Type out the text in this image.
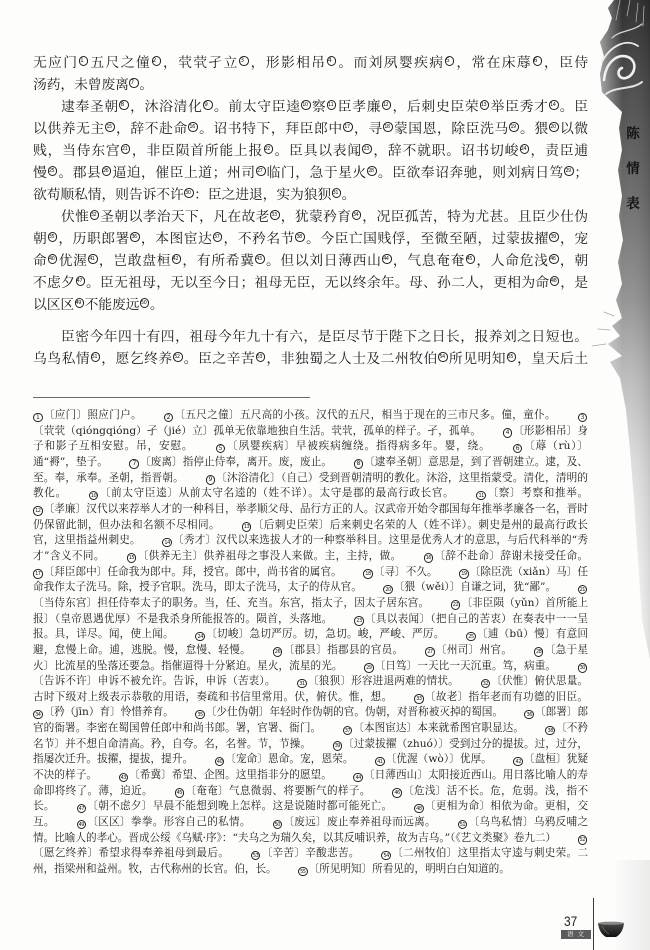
无应门 1 五尺之僮 2 ，茕茕孑立 3 ，形影相吊 4 。而刘夙婴疾病 5 ，常在床蓐 6 ，臣侍
汤药，未曾废离 7 。
逮奉圣朝 8 ，沐浴清化 9 。前太守臣逵 10 察 11 臣孝廉 12 ，后刺史臣荣 13 举臣秀才 14 。臣
以供养无主 15 ，辞不赴命 16 。诏书特下，拜臣郎中 17 ，寻 18 蒙国恩，除臣洗马 19 。猥 20 以微
贱，当侍东宫 21 ，非臣陨首所能上报 22 。臣具以表闻 23 ，辞不就职。诏书切峻 24 ，责臣逋
慢 25 。郡县 26 逼迫，催臣上道；州司 27 临门，急于星火 28 。臣欲奉诏奔驰，则刘病日笃 29 ；
欲苟顺私情，则告诉不许 30 ：臣之进退，实为狼狈 31 。
伏惟 32 圣朝以孝治天下，凡在故老 33 ，犹蒙矜育 34 ，况臣孤苦，特为尤甚。且臣少仕伪
朝 35 ，历职郎署 36 ，本图宦达 37 ，不矜名节 38 。今臣亡国贱俘，至微至陋，过蒙拔擢 39 ，宠
命 40 优渥 41 ，岂敢盘桓 42 ，有所希冀 43 。但以刘日薄西山 44 ，气息奄奄 45 ，人命危浅 46 ，朝
不虑夕 47 。臣无祖母，无以至今日；祖母无臣，无以终余年。母、孙二人，更相为命 48 ，是
以区区 49 不能废远 50 。
臣密今年四十有四，祖母今年九十有六，是臣尽节于陛下之日长，报养刘之日短也。
乌鸟私情 51 ，愿乞终养 52 。臣之辛苦 53 ，非独蜀之人士及二州牧伯 54 所见明知 55 ，皇天后土
1 〔应门〕照应门户。	2 〔五尺之僮〕五尺高的小孩。汉代的五尺，相当于现在的三市尺多。僮，童仆。	3〔茕茕（qióngqióng）孑（jié）立〕孤单无依靠地独自生活。茕茕，孤单的样子。孑，孤单。	4 〔形影相吊〕身子和影子互相安慰。吊，安慰。	5 〔夙婴疾病〕早被疾病缠绕。指得病多年。婴，绕。	6 〔蓐（rù）〕通“褥”，垫子。	7 〔废离〕指停止侍奉，离开。废，废止。	8 〔逮奉圣朝〕意思是，到了晋朝建立。逮，及、至。奉，承奉。圣朝，指晋朝。	9 〔沐浴清化〕（自己）受到晋朝清明的教化。沐浴，这里指蒙受。清化，清明的教化。	10 〔前太守臣逵〕从前太守名逵的（姓不详）。太守是郡的最高行政长官。	11 〔察〕考察和推举。 12 〔孝廉〕汉代以来荐举人才的一种科目，举孝顺父母、品行方正的人。汉武帝开始令郡国每年推举孝廉各一名，晋时仍保留此制，但办法和名额不尽相同。	13 〔后刺史臣荣〕后来刺史名荣的人（姓不详）。刺史是州的最高行政长官，这里指益州刺史。	14 〔秀才〕汉代以来选拔人才的一种察举科目。这里是优秀人才的意思，与后代科举的“秀才”含义不同。	15 〔供养无主〕供养祖母之事没人来做。主，主持，做。	16 〔辞不赴命〕辞谢未接受任命。 17 〔拜臣郎中〕任命我为郎中。拜，授官。郎中，尚书省的属官。	18 〔寻〕不久。	19 〔除臣洗（xiǎn）马〕任命我作太子洗马。除，授予官职。洗马，即太子洗马，太子的侍从官。	20 〔猥（wěi）〕自谦之词，犹“鄙”。	21〔当侍东宫〕担任侍奉太子的职务。当，任、充当。东宫，指太子，因太子居东宫。	22 〔非臣陨（yǔn）首所能上报〕（皇帝恩遇优厚）不是我杀身所能报答的。陨首，头落地。	23 〔具以表闻〕（把自己的苦衷）在奏表中一一呈报。具，详尽。闻，使上闻。	24 〔切峻〕急切严厉。切，急切。峻，严峻、严厉。	25 〔逋（bū）慢〕有意回避，怠慢上命。逋，逃脱。慢，怠慢、轻慢。	26 〔郡县〕指郡县的官员。	27 〔州司〕州官。	28 〔急于星火〕比流星的坠落还要急。指催逼得十分紧迫。星火，流星的光。	29 〔日笃〕一天比一天沉重。笃，病重。	30〔告诉不许〕申诉不被允许。告诉，申诉（苦衷）。	31 〔狼狈〕形容进退两难的情状。	32 〔伏惟〕俯伏思量。古时下级对上级表示恭敬的用语，奏疏和书信里常用。伏，俯伏。惟，想。	33 〔故老〕指年老而有功德的旧臣。 34 〔矜（jīn）育〕怜惜养育。	35 〔少仕伪朝〕年轻时作伪朝的官。伪朝，对晋称被灭掉的蜀国。	36 〔郎署〕郎官的衙署。李密在蜀国曾任郎中和尚书郎。署，官署、衙门。	37 〔本图宦达〕本来就希图官职显达。	38 〔不矜名节〕并不想自命清高。矜，自夸。名，名誉。节，节操。	39 〔过蒙拔擢（zhuó）〕受到过分的提拔。过，过分，指屡次迁升。拔擢，提拔，提升。	40 〔宠命〕恩命。宠，恩荣。	41 〔优渥（wò）〕优厚。	42 〔盘桓〕犹疑不决的样子。	43 〔希冀〕希望、企图。这里指非分的愿望。	44 〔日薄西山〕太阳接近西山。用日落比喻人的寿命即将终了。薄，迫近。	45 〔奄奄〕气息微弱、将要断气的样子。	46 〔危浅〕活不长。危，危弱。浅，指不长。	47 〔朝不虑夕〕早晨不能想到晚上怎样。这是说随时都可能死亡。	48 〔更相为命〕相依为命。更相，交互。	49 〔区区〕拳拳。形容自己的私情。	50 〔废远〕废止奉养祖母而远离。	51 〔乌鸟私情〕乌鸦反哺之情。比喻人的孝心。晋成公绥《乌赋·序》：“夫乌之为瑞久矣，以其反哺识养，故为吉乌。”（《艺文类聚》卷九二）	52〔愿乞终养〕希望求得奉养祖母到最后。	53 〔辛苦〕辛酸悲苦。	54 〔二州牧伯〕这里指太守逵与刺史荣。二州，指梁州和益州。牧，古代称州的长官。伯，长。	55 〔所见明知〕所看见的，明明白白知道的。
陈情表
37
语 文
